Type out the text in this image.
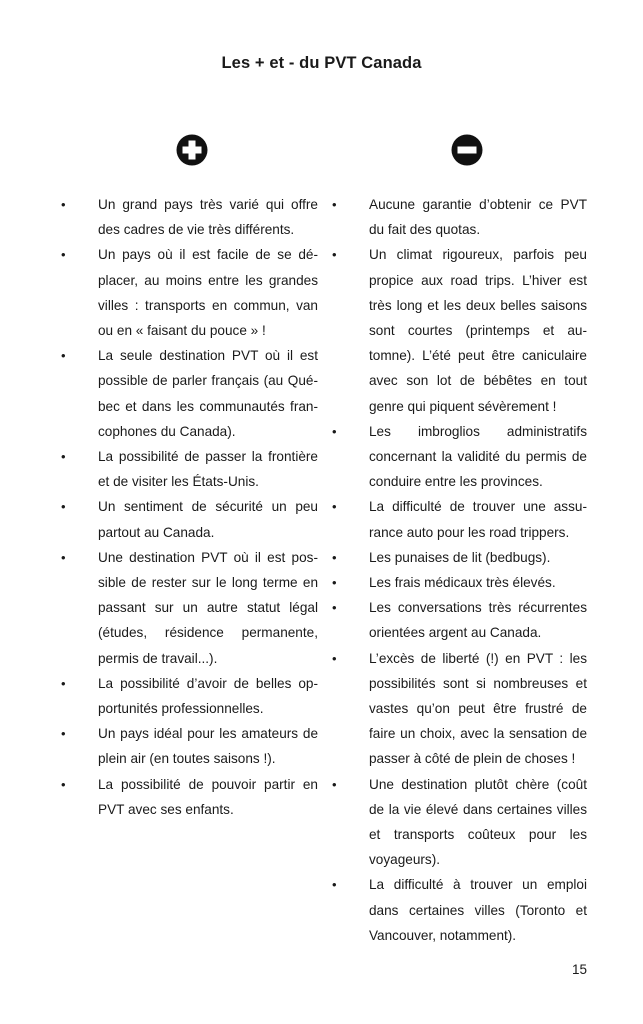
Les + et - du PVT Canada
• Un grand pays très varié qui offre des cadres de vie très différents.
• Un pays où il est facile de se déplacer, au moins entre les grandes villes : transports en commun, van ou en « faisant du pouce » !
• La seule destination PVT où il est possible de parler français (au Québec et dans les communautés francophones du Canada).
• La possibilité de passer la frontière et de visiter les États-Unis.
• Un sentiment de sécurité un peu partout au Canada.
• Une destination PVT où il est possible de rester sur le long terme en passant sur un autre statut légal (études, résidence permanente, permis de travail...).
• La possibilité d’avoir de belles opportunités professionnelles.
• Un pays idéal pour les amateurs de plein air (en toutes saisons !).
• La possibilité de pouvoir partir en PVT avec ses enfants.
• Aucune garantie d’obtenir ce PVT du fait des quotas.
• Un climat rigoureux, parfois peu propice aux road trips. L’hiver est très long et les deux belles saisons sont courtes (printemps et automne). L’été peut être caniculaire avec son lot de bébêtes en tout genre qui piquent sévèrement !
• Les imbroglios administratifs concernant la validité du permis de conduire entre les provinces.
• La difficulté de trouver une assurance auto pour les road trippers.
• Les punaises de lit (bedbugs).
• Les frais médicaux très élevés.
• Les conversations très récurrentes orientées argent au Canada.
• L’excès de liberté (!) en PVT : les possibilités sont si nombreuses et vastes qu’on peut être frustré de faire un choix, avec la sensation de passer à côté de plein de choses !
• Une destination plutôt chère (coût de la vie élevé dans certaines villes et transports coûteux pour les voyageurs).
• La difficulté à trouver un emploi dans certaines villes (Toronto et Vancouver, notamment).
15
